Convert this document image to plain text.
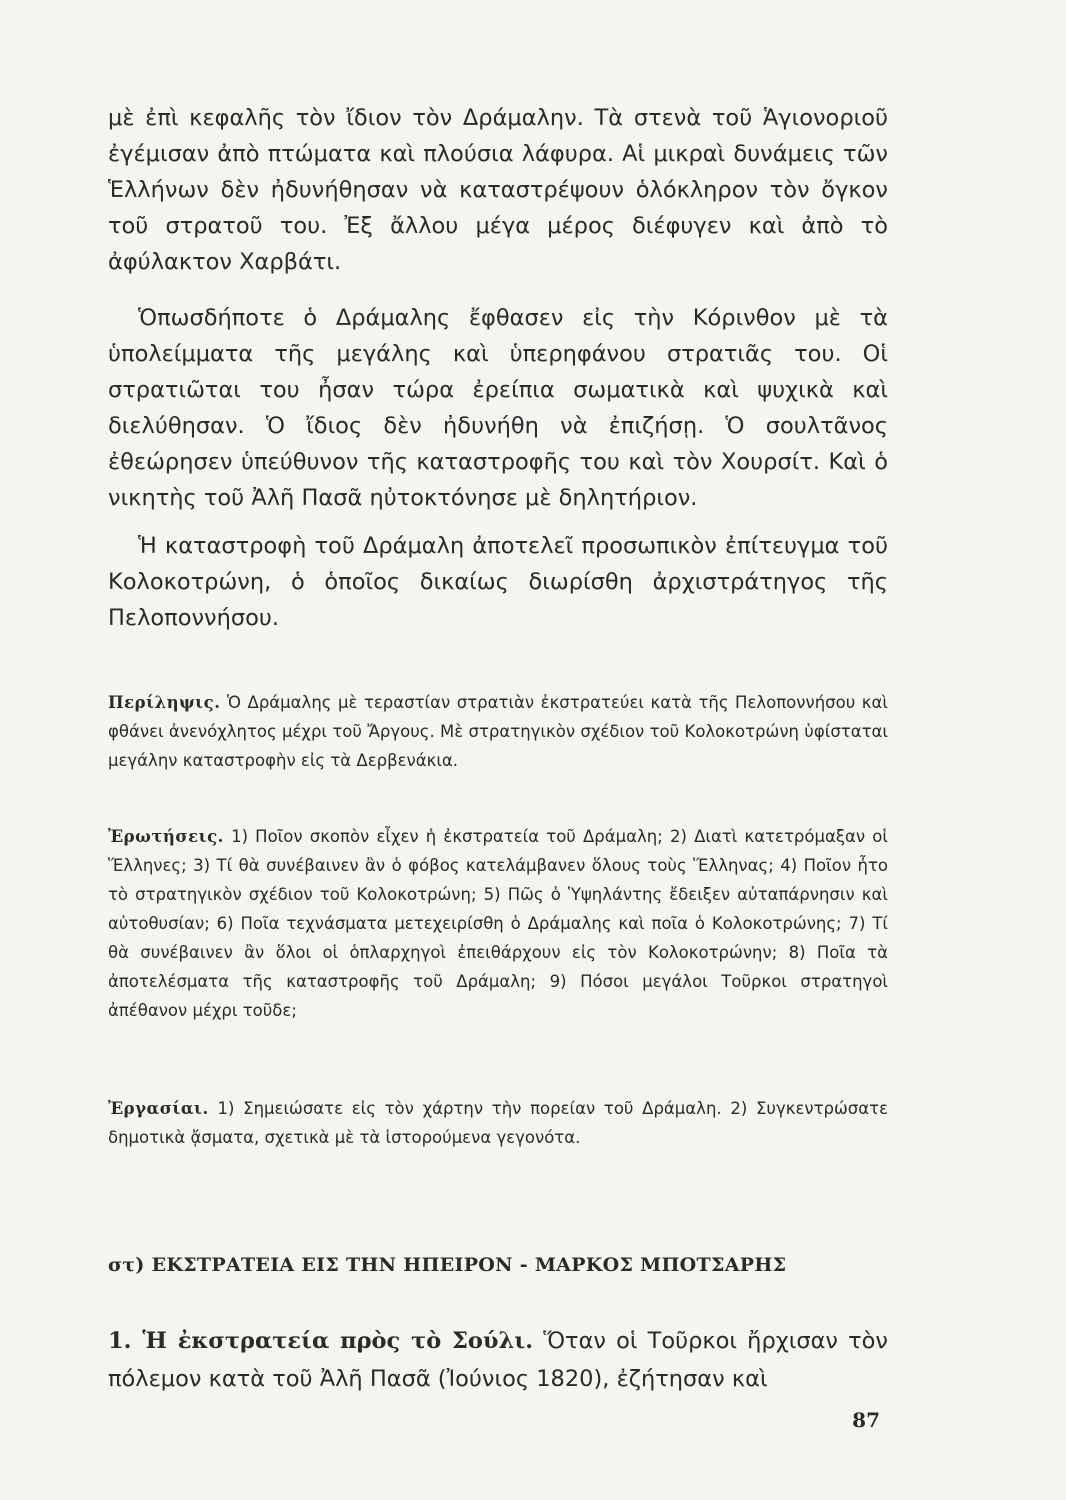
μὲ ἐπὶ κεφαλῆς τὸν ἴδιον τὸν Δράμαλην. Τὰ στενὰ τοῦ Ἁγιονοριοῦ ἐγέμισαν ἀπὸ πτώματα καὶ πλούσια λάφυρα. Αἱ μικραὶ δυνάμεις τῶν Ἑλλήνων δὲν ἠδυνήθησαν νὰ καταστρέψουν ὁλόκληρον τὸν ὄγκον τοῦ στρατοῦ του. Ἐξ ἄλλου μέγα μέρος διέφυγεν καὶ ἀπὸ τὸ ἀφύλακτον Χαρβάτι.

Ὁπωσδήποτε ὁ Δράμαλης ἔφθασεν εἰς τὴν Κόρινθον μὲ τὰ ὑπολείμματα τῆς μεγάλης καὶ ὑπερηφάνου στρατιᾶς του. Οἱ στρατιῶται του ἦσαν τώρα ἐρείπια σωματικὰ καὶ ψυχικὰ καὶ διελύθησαν. Ὁ ἴδιος δὲν ἠδυνήθη νὰ ἐπιζήσῃ. Ὁ σουλτᾶνος ἐθεώρησεν ὑπεύθυνον τῆς καταστροφῆς του καὶ τὸν Χουρσίτ. Καὶ ὁ νικητὴς τοῦ Ἀλῆ Πασᾶ ηὐτοκτόνησε μὲ δηλητήριον.

Ἡ καταστροφὴ τοῦ Δράμαλη ἀποτελεῖ προσωπικὸν ἐπίτευγμα τοῦ Κολοκοτρώνη, ὁ ὁποῖος δικαίως διωρίσθη ἀρχιστράτηγος τῆς Πελοποννήσου.

Περίληψις. Ὁ Δράμαλης μὲ τεραστίαν στρατιὰν ἐκστρατεύει κατὰ τῆς Πελοποννήσου καὶ φθάνει ἀνενόχλητος μέχρι τοῦ Ἄργους. Μὲ στρατηγικὸν σχέδιον τοῦ Κολοκοτρώνη ὑφίσταται μεγάλην καταστροφὴν εἰς τὰ Δερβενάκια.

Ἐρωτήσεις. 1) Ποῖον σκοπὸν εἶχεν ἡ ἐκστρατεία τοῦ Δράμαλη; 2) Διατὶ κατετρόμαξαν οἱ Ἕλληνες; 3) Τί θὰ συνέβαινεν ἂν ὁ φόβος κατελάμβανεν ὅλους τοὺς Ἕλληνας; 4) Ποῖον ἦτο τὸ στρατηγικὸν σχέδιον τοῦ Κολοκοτρώνη; 5) Πῶς ὁ Ὑψηλάντης ἔδειξεν αὐταπάρνησιν καὶ αὐτοθυσίαν; 6) Ποῖα τεχνάσματα μετεχειρίσθη ὁ Δράμαλης καὶ ποῖα ὁ Κολοκοτρώνης; 7) Τί θὰ συνέβαινεν ἂν ὅλοι οἱ ὁπλαρχηγοὶ ἐπειθάρχουν εἰς τὸν Κολοκοτρώνην; 8) Ποῖα τὰ ἀποτελέσματα τῆς καταστροφῆς τοῦ Δράμαλη; 9) Πόσοι μεγάλοι Τοῦρκοι στρατηγοὶ ἀπέθανον μέχρι τοῦδε;

Ἐργασίαι. 1) Σημειώσατε εἰς τὸν χάρτην τὴν πορείαν τοῦ Δράμαλη. 2) Συγκεντρώσατε δημοτικὰ ᾄσματα, σχετικὰ μὲ τὰ ἱστορούμενα γεγονότα.

στ) ΕΚΣΤΡΑΤΕΙΑ ΕΙΣ ΤΗΝ ΗΠΕΙΡΟΝ - ΜΑΡΚΟΣ ΜΠΟΤΣΑΡΗΣ

1. Ἡ ἐκστρατεία πρὸς τὸ Σούλι. Ὅταν οἱ Τοῦρκοι ἤρχισαν τὸν πόλεμον κατὰ τοῦ Ἀλῆ Πασᾶ (Ἰούνιος 1820), ἐζήτησαν καὶ

87
